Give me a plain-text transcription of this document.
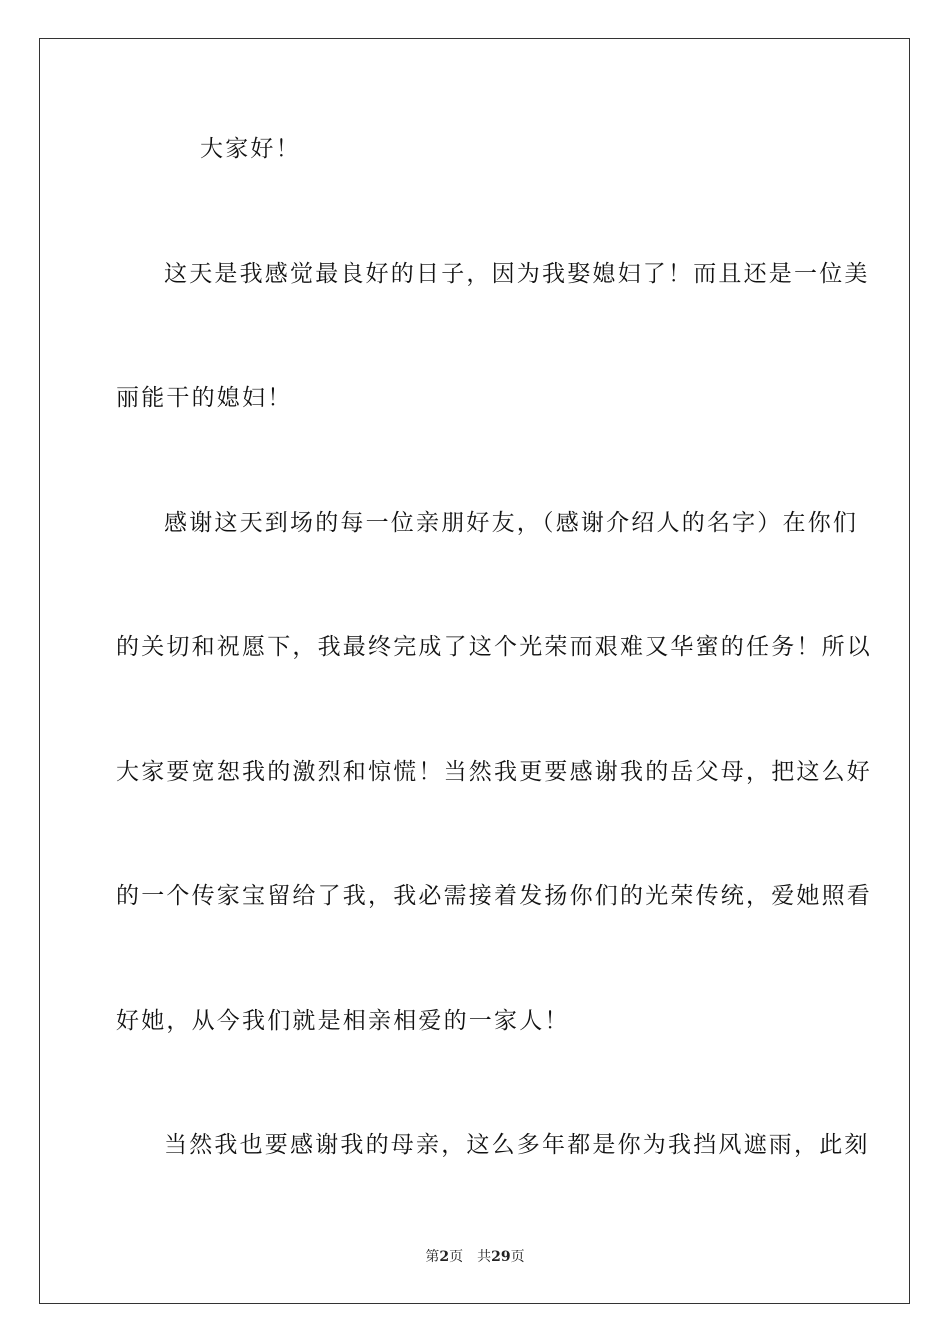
大家好！
这天是我感觉最良好的日子，因为我娶媳妇了！而且还是一位美
丽能干的媳妇！
感谢这天到场的每一位亲朋好友，（感谢介绍人的名字）在你们
的关切和祝愿下，我最终完成了这个光荣而艰难又华蜜的任务！所以
大家要宽恕我的激烈和惊慌！当然我更要感谢我的岳父母，把这么好
的一个传家宝留给了我，我必需接着发扬你们的光荣传统，爱她照看
好她，从今我们就是相亲相爱的一家人！
当然我也要感谢我的母亲，这么多年都是你为我挡风遮雨，此刻
第2页 共29页
